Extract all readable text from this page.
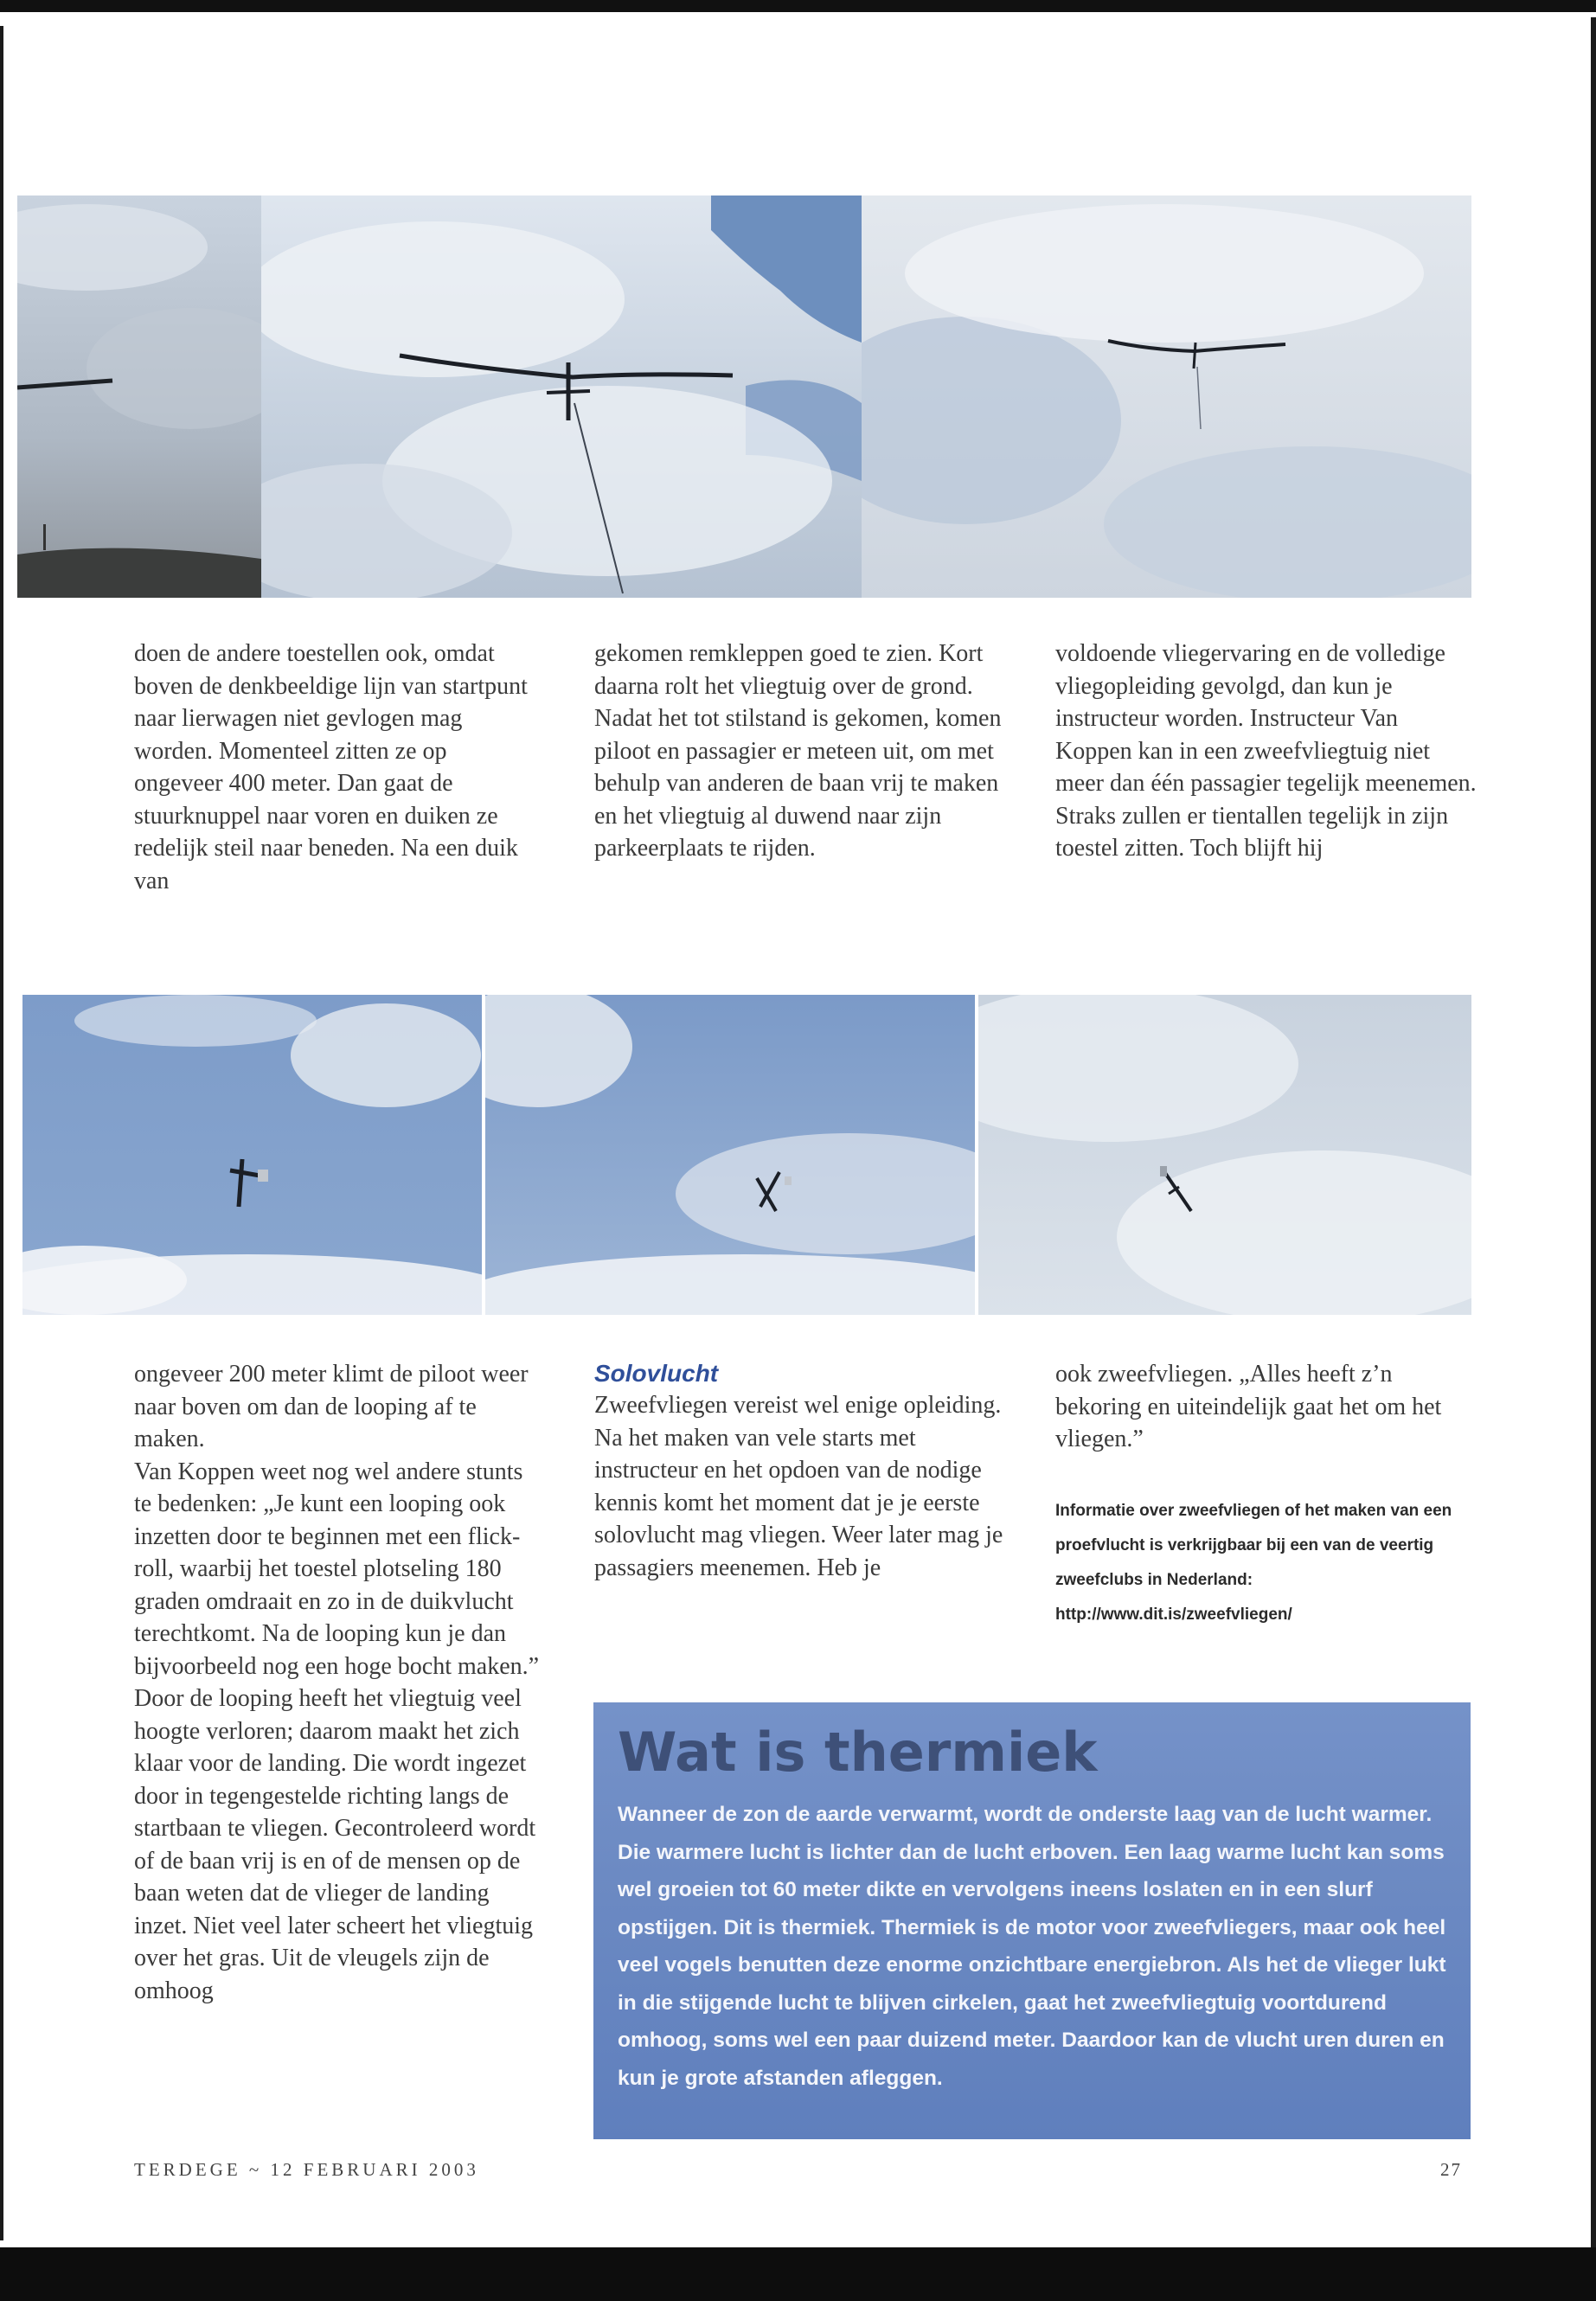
doen de andere toestellen ook, omdat boven de denkbeeldige lijn van startpunt naar lierwagen niet gevlogen mag worden. Momenteel zitten ze op ongeveer 400 meter. Dan gaat de stuurknuppel naar voren en duiken ze redelijk steil naar beneden. Na een duik van

gekomen remkleppen goed te zien. Kort daarna rolt het vliegtuig over de grond. Nadat het tot stilstand is gekomen, komen piloot en passagier er meteen uit, om met behulp van anderen de baan vrij te maken en het vliegtuig al duwend naar zijn parkeerplaats te rijden.

voldoende vliegervaring en de volledige vliegopleiding gevolgd, dan kun je instructeur worden. Instructeur Van Koppen kan in een zweefvliegtuig niet meer dan één passagier tegelijk meenemen. Straks zullen er tientallen tegelijk in zijn toestel zitten. Toch blijft hij

ongeveer 200 meter klimt de piloot weer naar boven om dan de looping af te maken.

Van Koppen weet nog wel andere stunts te bedenken: „Je kunt een looping ook inzetten door te beginnen met een flick-roll, waarbij het toestel plotseling 180 graden omdraait en zo in de duikvlucht terechtkomt. Na de looping kun je dan bijvoorbeeld nog een hoge bocht maken.”

Door de looping heeft het vliegtuig veel hoogte verloren; daarom maakt het zich klaar voor de landing. Die wordt ingezet door in tegengestelde richting langs de startbaan te vliegen. Gecontroleerd wordt of de baan vrij is en of de mensen op de baan weten dat de vlieger de landing inzet. Niet veel later scheert het vliegtuig over het gras. Uit de vleugels zijn de omhoog

Solovlucht

Zweefvliegen vereist wel enige opleiding. Na het maken van vele starts met instructeur en het opdoen van de nodige kennis komt het moment dat je je eerste solovlucht mag vliegen. Weer later mag je passagiers meenemen. Heb je

ook zweefvliegen. „Alles heeft z’n bekoring en uiteindelijk gaat het om het vliegen.”

Informatie over zweefvliegen of het maken van een proefvlucht is verkrijgbaar bij een van de veertig zweefclubs in Nederland: http://www.dit.is/zweefvliegen/

Wat is thermiek

Wanneer de zon de aarde verwarmt, wordt de onderste laag van de lucht warmer. Die warmere lucht is lichter dan de lucht erboven. Een laag warme lucht kan soms wel groeien tot 60 meter dikte en vervolgens ineens loslaten en in een slurf opstijgen. Dit is thermiek. Thermiek is de motor voor zweefvliegers, maar ook heel veel vogels benutten deze enorme onzichtbare energiebron. Als het de vlieger lukt in die stijgende lucht te blijven cirkelen, gaat het zweefvliegtuig voortdurend omhoog, soms wel een paar duizend meter. Daardoor kan de vlucht uren duren en kun je grote afstanden afleggen.

TERDEGE ~ 12 FEBRUARI 2003	27
